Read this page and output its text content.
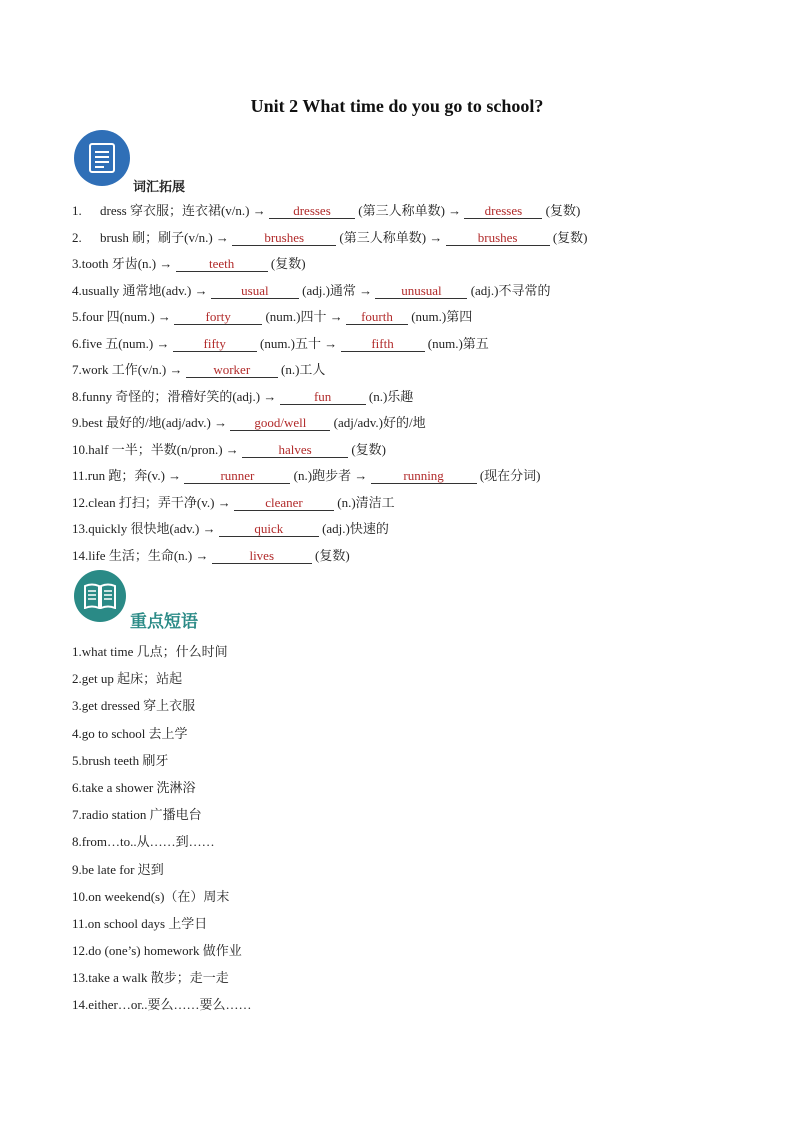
Unit 2 What time do you go to school?
词汇拓展
1. dress 穿衣服；连衣裙(v/n.) → dresses (第三人称单数) → dresses (复数)
2. brush 刷；刷子(v/n.) →	brushes	(第三人称单数) →	brushes	(复数)
3.tooth 牙齿(n.) →	teeth	(复数)
4.usually 通常地(adv.) →	usual	(adj.)通常 → unusual (adj.)不寻常的
5.four 四(num.) →	forty	(num.)四十 → fourth (num.)第四
6.five 五(num.) →	fifty	(num.)五十 →	fifth	(num.)第五
7.work 工作(v/n.) → worker (n.)工人
8.funny 奇怪的；滑稽好笑的(adj.) →	fun	(n.)乐趣
9.best 最好的/地(adj/adv.) → good/well (adj/adv.)好的/地
10.half 一半；半数(n/pron.) →	halves	(复数)
11.run 跑；奔(v.) →	runner	(n.)跑步者 →	running	(现在分词)
12.clean 打扫；弄干净(v.) →	cleaner	(n.)清洁工
13.quickly 很快地(adv.) →	quick	(adj.)快速的
14.life 生活；生命(n.) →	lives	(复数)
重点短语
1.what time 几点；什么时间
2.get up 起床；站起
3.get dressed 穿上衣服
4.go to school 去上学
5.brush teeth 刷牙
6.take a shower 洗淋浴
7.radio station 广播电台
8.from…to..从……到……
9.be late for 迟到
10.on weekend(s)（在）周末
11.on school days 上学日
12.do (one’s) homework 做作业
13.take a walk 散步；走一走
14.either…or..要么……要么……
